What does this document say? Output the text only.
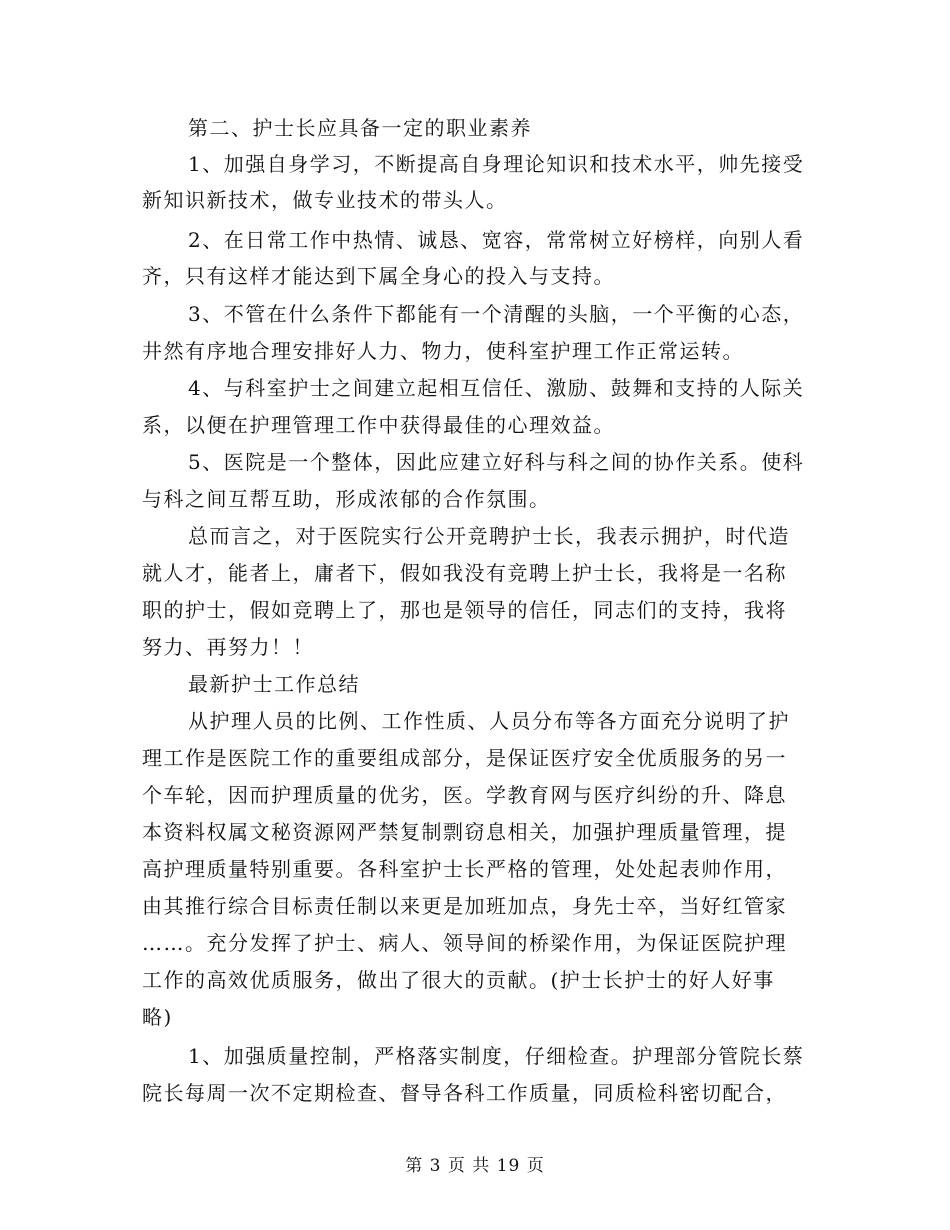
第二、护士长应具备一定的职业素养
1、加强自身学习，不断提高自身理论知识和技术水平，帅先接受
新知识新技术，做专业技术的带头人。
2、在日常工作中热情、诚恳、宽容，常常树立好榜样，向别人看
齐，只有这样才能达到下属全身心的投入与支持。
3、不管在什么条件下都能有一个清醒的头脑，一个平衡的心态，
井然有序地合理安排好人力、物力，使科室护理工作正常运转。
4、与科室护士之间建立起相互信任、激励、鼓舞和支持的人际关
系，以便在护理管理工作中获得最佳的心理效益。
5、医院是一个整体，因此应建立好科与科之间的协作关系。使科
与科之间互帮互助，形成浓郁的合作氛围。
总而言之，对于医院实行公开竞聘护士长，我表示拥护，时代造
就人才，能者上，庸者下，假如我没有竞聘上护士长，我将是一名称
职的护士，假如竞聘上了，那也是领导的信任，同志们的支持，我将
努力、再努力！！
最新护士工作总结
从护理人员的比例、工作性质、人员分布等各方面充分说明了护
理工作是医院工作的重要组成部分，是保证医疗安全优质服务的另一
个车轮，因而护理质量的优劣，医。学教育网与医疗纠纷的升、降息
本资料权属文秘资源网严禁复制剽窃息相关，加强护理质量管理，提
高护理质量特别重要。各科室护士长严格的管理，处处起表帅作用，
由其推行综合目标责任制以来更是加班加点，身先士卒，当好红管家
……。充分发挥了护士、病人、领导间的桥梁作用，为保证医院护理
工作的高效优质服务，做出了很大的贡献。(护士长护士的好人好事
略)
1、加强质量控制，严格落实制度，仔细检查。护理部分管院长蔡
院长每周一次不定期检查、督导各科工作质量，同质检科密切配合，
第 3 页 共 19 页
